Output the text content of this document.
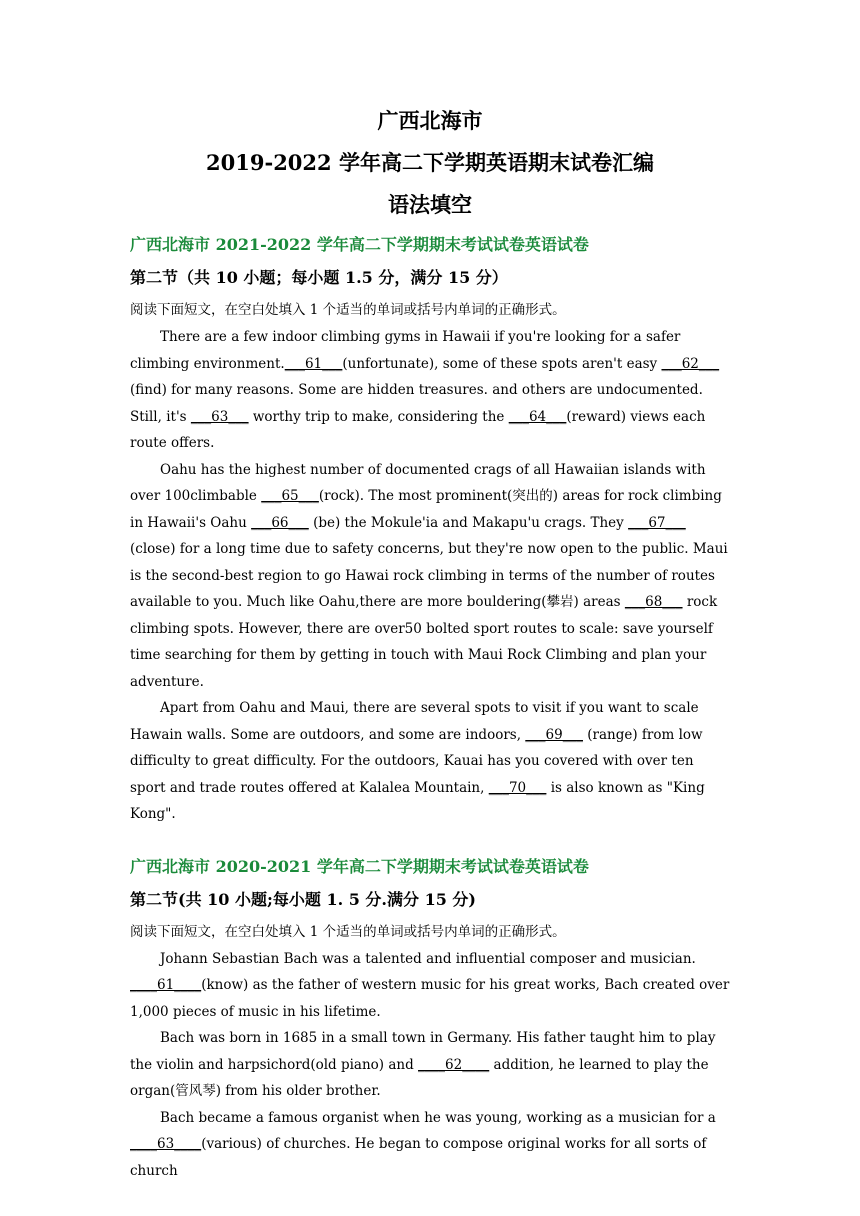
广西北海市
2019-2022 学年高二下学期英语期末试卷汇编
语法填空
广西北海市 2021-2022 学年高二下学期期末考试试卷英语试卷
第二节（共 10 小题；每小题 1.5 分，满分 15 分）
阅读下面短文，在空白处填入 1 个适当的单词或括号内单词的正确形式。

There are a few indoor climbing gyms in Hawaii if you're looking for a safer climbing environment.___61___(unfortunate), some of these spots aren't easy ___62___ (find) for many reasons. Some are hidden treasures. and others are undocumented. Still, it's ___63___ worthy trip to make, considering the ___64___(reward) views each route offers.

Oahu has the highest number of documented crags of all Hawaiian islands with over 100climbable ___65___(rock). The most prominent(突出的) areas for rock climbing in Hawaii's Oahu ___66___ (be) the Mokule'ia and Makapu'u crags. They ___67___ (close) for a long time due to safety concerns, but they're now open to the public. Maui is the second-best region to go Hawai rock climbing in terms of the number of routes available to you. Much like Oahu,there are more bouldering(攀岩) areas ___68___ rock climbing spots. However, there are over50 bolted sport routes to scale: save yourself time searching for them by getting in touch with Maui Rock Climbing and plan your adventure.

Apart from Oahu and Maui, there are several spots to visit if you want to scale Hawain walls. Some are outdoors, and some are indoors, ___69___ (range) from low difficulty to great difficulty. For the outdoors, Kauai has you covered with over ten sport and trade routes offered at Kalalea Mountain, ___70___ is also known as "King Kong".

广西北海市 2020-2021 学年高二下学期期末考试试卷英语试卷
第二节(共 10 小题;每小题 1. 5 分.满分 15 分)
阅读下面短文，在空白处填入 1 个适当的单词或括号内单词的正确形式。

Johann Sebastian Bach was a talented and influential composer and musician. ____61____(know) as the father of western music for his great works, Bach created over 1,000 pieces of music in his lifetime.

Bach was born in 1685 in a small town in Germany. His father taught him to play the violin and harpsichord(old piano) and ____62____ addition, he learned to play the organ(管风琴) from his older brother.

Bach became a famous organist when he was young, working as a musician for a ____63____(various) of churches. He began to compose original works for all sorts of church
